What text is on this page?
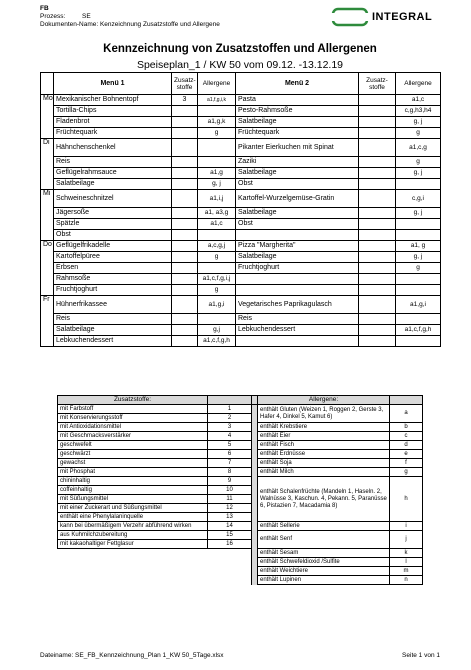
FB
Prozess:	SE
Dokumenten-Name: Kenzeichnung Zusatzstoffe und Allergene
INTEGRAL
Kennzeichnung von Zusatzstoffen und Allergenen
Speiseplan_1 / KW 50 vom 09.12. -13.12.19
	Menü 1	Zusatz-stoffe	Allergene	Menü 2	Zusatz-stoffe	Allergene
Mo	Mexikanischer Bohnentopf	3	a1,f,g,i,k	Pasta		a1,c
	Tortilla-Chips			Pesto-Rahmsoße		c,g,h3,h4
	Fladenbrot		a1,g,k	Salatbeilage		g, j
	Früchtequark		g	Früchtequark		g
Di	Hähnchenschenkel			Pikanter Eierkuchen mit Spinat		a1,c,g
	Reis			Zaziki		g
	Geflügelrahmsauce		a1,g	Salatbeilage		g, j
	Salatbeilage		g, j	Obst		
Mi	Schweineschnitzel		a1,i,j	Kartoffel-Wurzelgemüse-Gratin		c,g,i
	Jägersoße		a1, a3,g	Salatbeilage		g, j
	Spätzle		a1,c	Obst		
	Obst					
Do	Geflügelfrikadelle		a,c,g,j	Pizza "Margherita"		a1, g
	Kartoffelpüree		g	Salatbeilage		g, j
	Erbsen			Fruchtjoghurt		g
	Rahmsoße		a1,c,f,g,i,j			
	Fruchtjoghurt		g			
Fr	Hühnerfrikassee		a1,g,i	Vegetarisches Paprikagulasch		a1,g,i
	Reis			Reis		
	Salatbeilage		g,j	Lebkuchendessert		a1,c,f,g,h
	Lebkuchendessert		a1,c,f,g,h			
Zusatzstoffe:			Allergene:	
mit Farbstoff	1		enthält Gluten (Weizen 1, Roggen 2, Gerste 3, Hafer 4, Dinkel 5, Kamut 6)	a
mit Konservierungsstoff	2			
mit Antioxidationsmittel	3		enthält Krebstiere	b
mit Geschmacksverstärker	4		enthält Eier	c
geschwefelt	5		enthält Fisch	d
geschwärzt	6		enthält Erdnüsse	e
gewachst	7		enthält Soja	f
mit Phosphat	8		enthält Milch	g
chininhaltig	9		enthält Schalenfrüchte (Mandeln 1, Haseln. 2, Walnüsse 3, Kaschun. 4, Pekann. 5, Paranüsse 6, Pistazien 7, Macadamia 8)	h
coffeinhaltig	10			
mit Süßungsmittel	11			
mit einer Zuckerart und Süßungsmittel	12			
enthält eine Phenylalaninquelle	13			
kann bei übermäßigem Verzehr abführend wirken	14		enthält Sellerie	i
aus Kuhmilchzubereitung	15		enthält Senf	j
mit kakaohaltiger Fettglasur	16			
			enthält Sesam	k
			enthält Schwefeldioxid /Sulfite	l
			enthält Weichtiere	m
			enthält Lupinen	n
Dateiname: SE_FB_Kennzeichnung_Plan 1_KW 50_5Tage.xlsx	Seite 1 von 1
